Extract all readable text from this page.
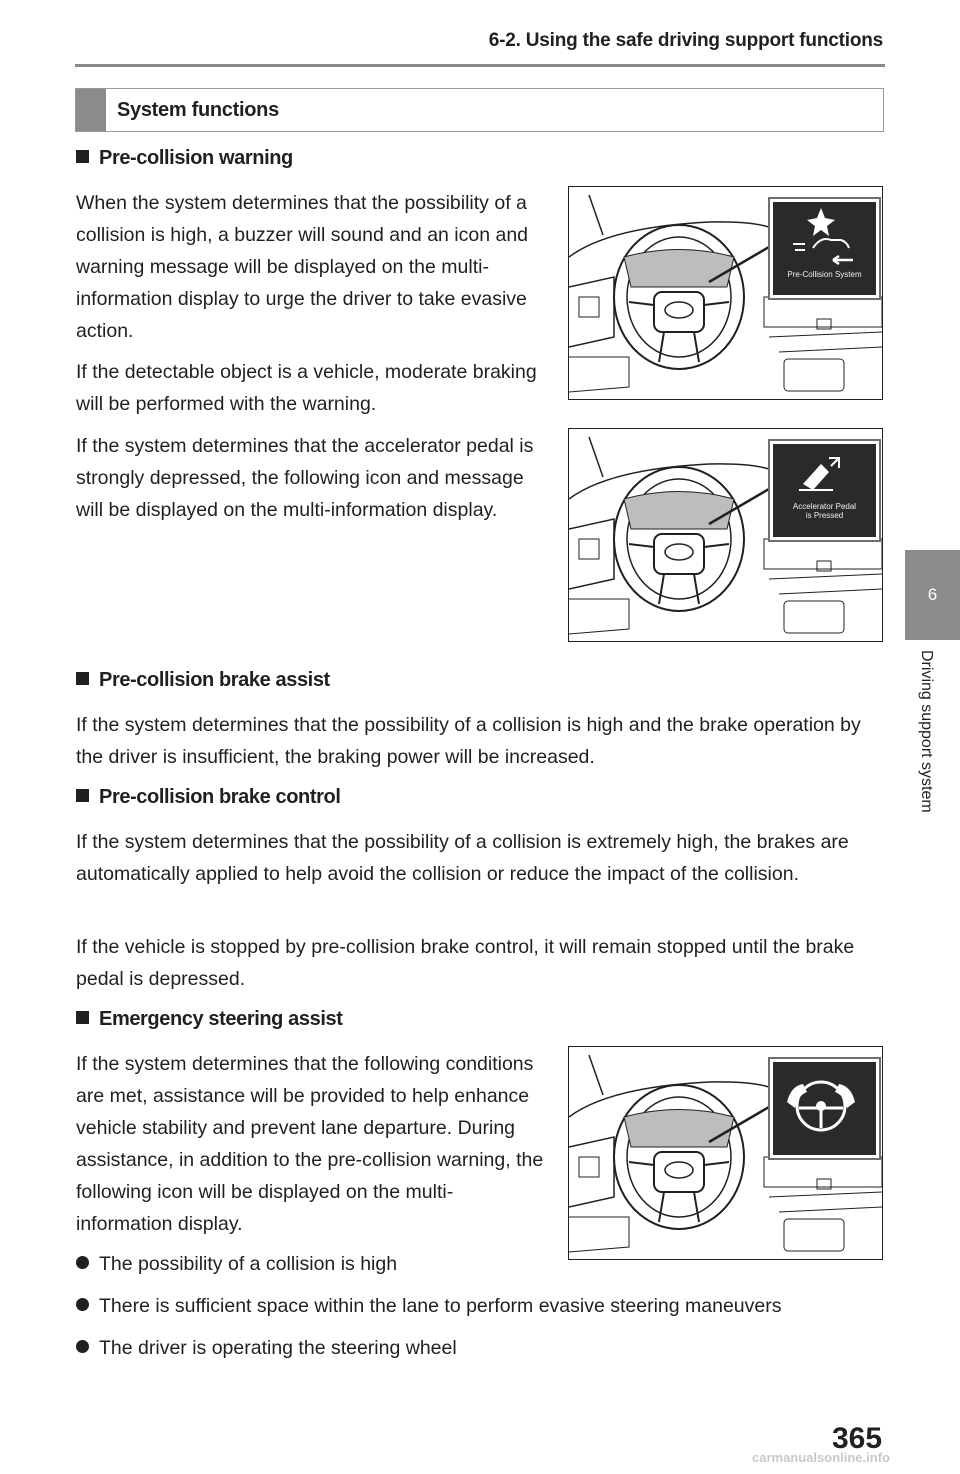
6-2. Using the safe driving support functions
6
Driving support system
System functions
Pre-collision warning

When the system determines that the possibility of a collision is high, a buzzer will sound and an icon and warning message will be displayed on the multi-information display to urge the driver to take evasive action.

If the detectable object is a vehicle, moderate braking will be performed with the warning.

If the system determines that the accelerator pedal is strongly depressed, the following icon and message will be displayed on the multi-information display.

Pre-Collision System
Accelerator Pedal
is Pressed
Pre-collision brake assist

If the system determines that the possibility of a collision is high and the brake operation by the driver is insufficient, the braking power will be increased.

Pre-collision brake control

If the system determines that the possibility of a collision is extremely high, the brakes are automatically applied to help avoid the collision or reduce the impact of the collision.

If the vehicle is stopped by pre-collision brake control, it will remain stopped until the brake pedal is depressed.

Emergency steering assist

If the system determines that the following conditions are met, assistance will be provided to help enhance vehicle stability and prevent lane departure. During assistance, in addition to the pre-collision warning, the following icon will be displayed on the multi-information display.

The possibility of a collision is high
There is sufficient space within the lane to perform evasive steering maneuvers
The driver is operating the steering wheel
365
carmanualsonline.info
